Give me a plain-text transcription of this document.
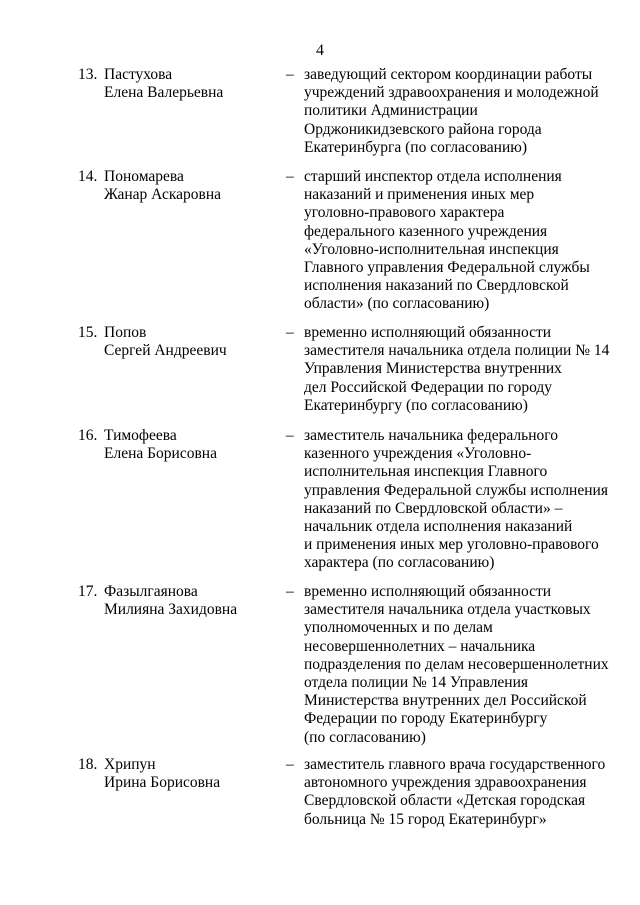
4
13. Пастухова
Елена Валерьевна
– заведующий сектором координации работы
учреждений здравоохранения и молодежной
политики Администрации
Орджоникидзевского района города
Екатеринбурга (по согласованию)
14. Пономарева
Жанар Аскаровна
– старший инспектор отдела исполнения
наказаний и применения иных мер
уголовно-правового характера
федерального казенного учреждения
«Уголовно-исполнительная инспекция
Главного управления Федеральной службы
исполнения наказаний по Свердловской
области» (по согласованию)
15. Попов
Сергей Андреевич
– временно исполняющий обязанности
заместителя начальника отдела полиции № 14
Управления Министерства внутренних
дел Российской Федерации по городу
Екатеринбургу (по согласованию)
16. Тимофеева
Елена Борисовна
– заместитель начальника федерального
казенного учреждения «Уголовно-
исполнительная инспекция Главного
управления Федеральной службы исполнения
наказаний по Свердловской области» –
начальник отдела исполнения наказаний
и применения иных мер уголовно-правового
характера (по согласованию)
17. Фазылгаянова
Милияна Захидовна
– временно исполняющий обязанности
заместителя начальника отдела участковых
уполномоченных и по делам
несовершеннолетних – начальника
подразделения по делам несовершеннолетних
отдела полиции № 14 Управления
Министерства внутренних дел Российской
Федерации по городу Екатеринбургу
(по согласованию)
18. Хрипун
Ирина Борисовна
– заместитель главного врача государственного
автономного учреждения здравоохранения
Свердловской области «Детская городская
больница № 15 город Екатеринбург»
